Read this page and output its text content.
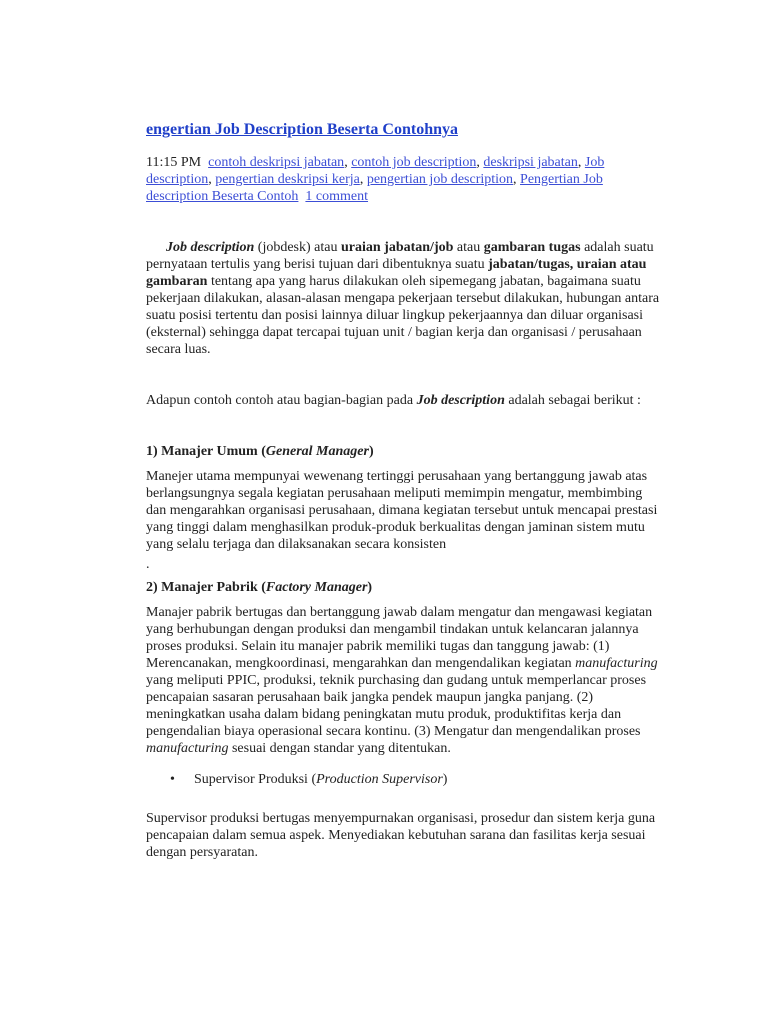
engertian Job Description Beserta Contohnya

11:15 PM contoh deskripsi jabatan, contoh job description, deskripsi jabatan, Job description, pengertian deskripsi kerja, pengertian job description, Pengertian Job description Beserta Contoh 1 comment

Job description (jobdesk) atau uraian jabatan/job atau gambaran tugas adalah suatu pernyataan tertulis yang berisi tujuan dari dibentuknya suatu jabatan/tugas, uraian atau gambaran tentang apa yang harus dilakukan oleh sipemegang jabatan, bagaimana suatu pekerjaan dilakukan, alasan-alasan mengapa pekerjaan tersebut dilakukan, hubungan antara suatu posisi tertentu dan posisi lainnya diluar lingkup pekerjaannya dan diluar organisasi (eksternal) sehingga dapat tercapai tujuan unit / bagian kerja dan organisasi / perusahaan secara luas.

Adapun contoh contoh atau bagian-bagian pada Job description adalah sebagai berikut :

1) Manajer Umum (General Manager)

Manejer utama mempunyai wewenang tertinggi perusahaan yang bertanggung jawab atas berlangsungnya segala kegiatan perusahaan meliputi memimpin mengatur, membimbing dan mengarahkan organisasi perusahaan, dimana kegiatan tersebut untuk mencapai prestasi yang tinggi dalam menghasilkan produk-produk berkualitas dengan jaminan sistem mutu yang selalu terjaga dan dilaksanakan secara konsisten

.

2) Manajer Pabrik (Factory Manager)

Manajer pabrik bertugas dan bertanggung jawab dalam mengatur dan mengawasi kegiatan yang berhubungan dengan produksi dan mengambil tindakan untuk kelancaran jalannya proses produksi. Selain itu manajer pabrik memiliki tugas dan tanggung jawab: (1) Merencanakan, mengkoordinasi, mengarahkan dan mengendalikan kegiatan manufacturing yang meliputi PPIC, produksi, teknik purchasing dan gudang untuk memperlancar proses pencapaian sasaran perusahaan baik jangka pendek maupun jangka panjang. (2) meningkatkan usaha dalam bidang peningkatan mutu produk, produktifitas kerja dan pengendalian biaya operasional secara kontinu. (3) Mengatur dan mengendalikan proses manufacturing sesuai dengan standar yang ditentukan.

• Supervisor Produksi (Production Supervisor)

Supervisor produksi bertugas menyempurnakan organisasi, prosedur dan sistem kerja guna pencapaian dalam semua aspek. Menyediakan kebutuhan sarana dan fasilitas kerja sesuai dengan persyaratan.
